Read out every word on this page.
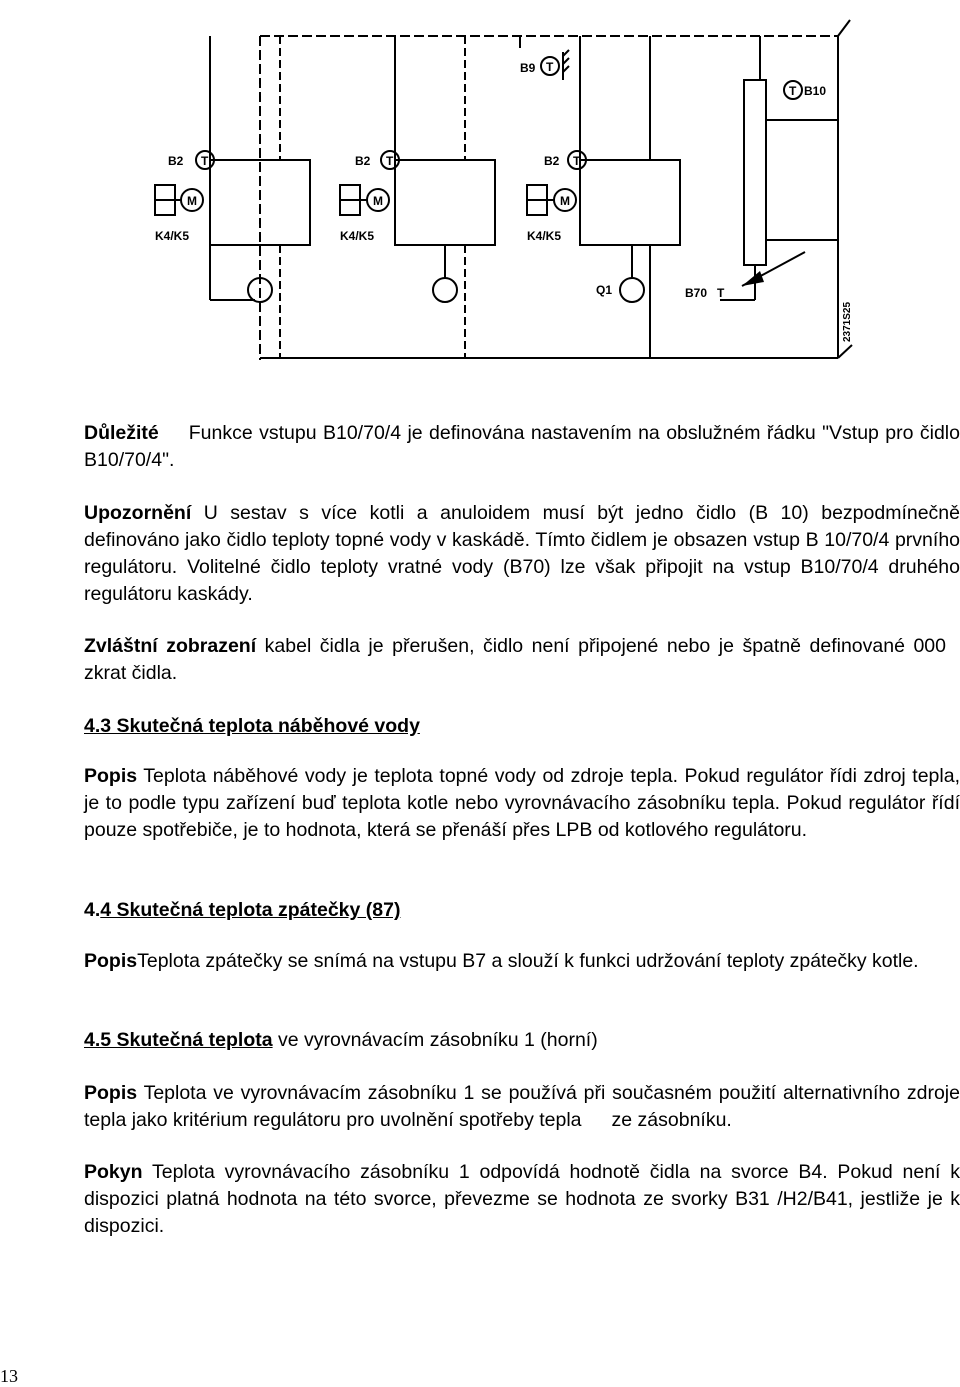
B9
B10
B2	B2	B2
K4/K5	K4/K5	K4/K5
Q1	B70 T
T
T
T	T	T
M	M	M
2371S25
Důležité Funkce vstupu B10/70/4 je definována nastavením na obslužném řádku "Vstup pro čidlo B10/70/4".
Upozornění U sestav s více kotli a anuloidem musí být jedno čidlo (B 10) bezpodmínečně definováno jako čidlo teploty topné vody v kaskádě. Tímto čidlem je obsazen vstup B 10/70/4 prvního regulátoru. Volitelné čidlo teploty vratné vody (B70) lze však připojit na vstup B10/70/4 druhého regulátoru kaskády.
Zvláštní zobrazení kabel čidla je přerušen, čidlo není připojené nebo je špatně definované 000zkrat čidla.
4.3 Skutečná teplota náběhové vody
Popis Teplota náběhové vody je teplota topné vody od zdroje tepla. Pokud regulátor řídi zdroj tepla, je to podle typu zařízení buď teplota kotle nebo vyrovnávacího zásobníku tepla. Pokud regulátor řídí pouze spotřebiče, je to hodnota, která se přenáší přes LPB od kotlového regulátoru.
4.4 Skutečná teplota zpátečky (87)
PopisTeplota zpátečky se snímá na vstupu B7 a slouží k funkci udržování teploty zpátečky kotle.
4.5 Skutečná teplota ve vyrovnávacím zásobníku 1 (horní)
Popis Teplota ve vyrovnávacím zásobníku 1 se používá při současném použití alternativního zdroje tepla jako kritérium regulátoru pro uvolnění spotřeby tepla ze zásobníku.
Pokyn Teplota vyrovnávacího zásobníku 1 odpovídá hodnotě čidla na svorce B4. Pokud není k dispozici platná hodnota na této svorce, převezme se hodnota ze svorky B31 /H2/B41, jestliže je k dispozici.
13
